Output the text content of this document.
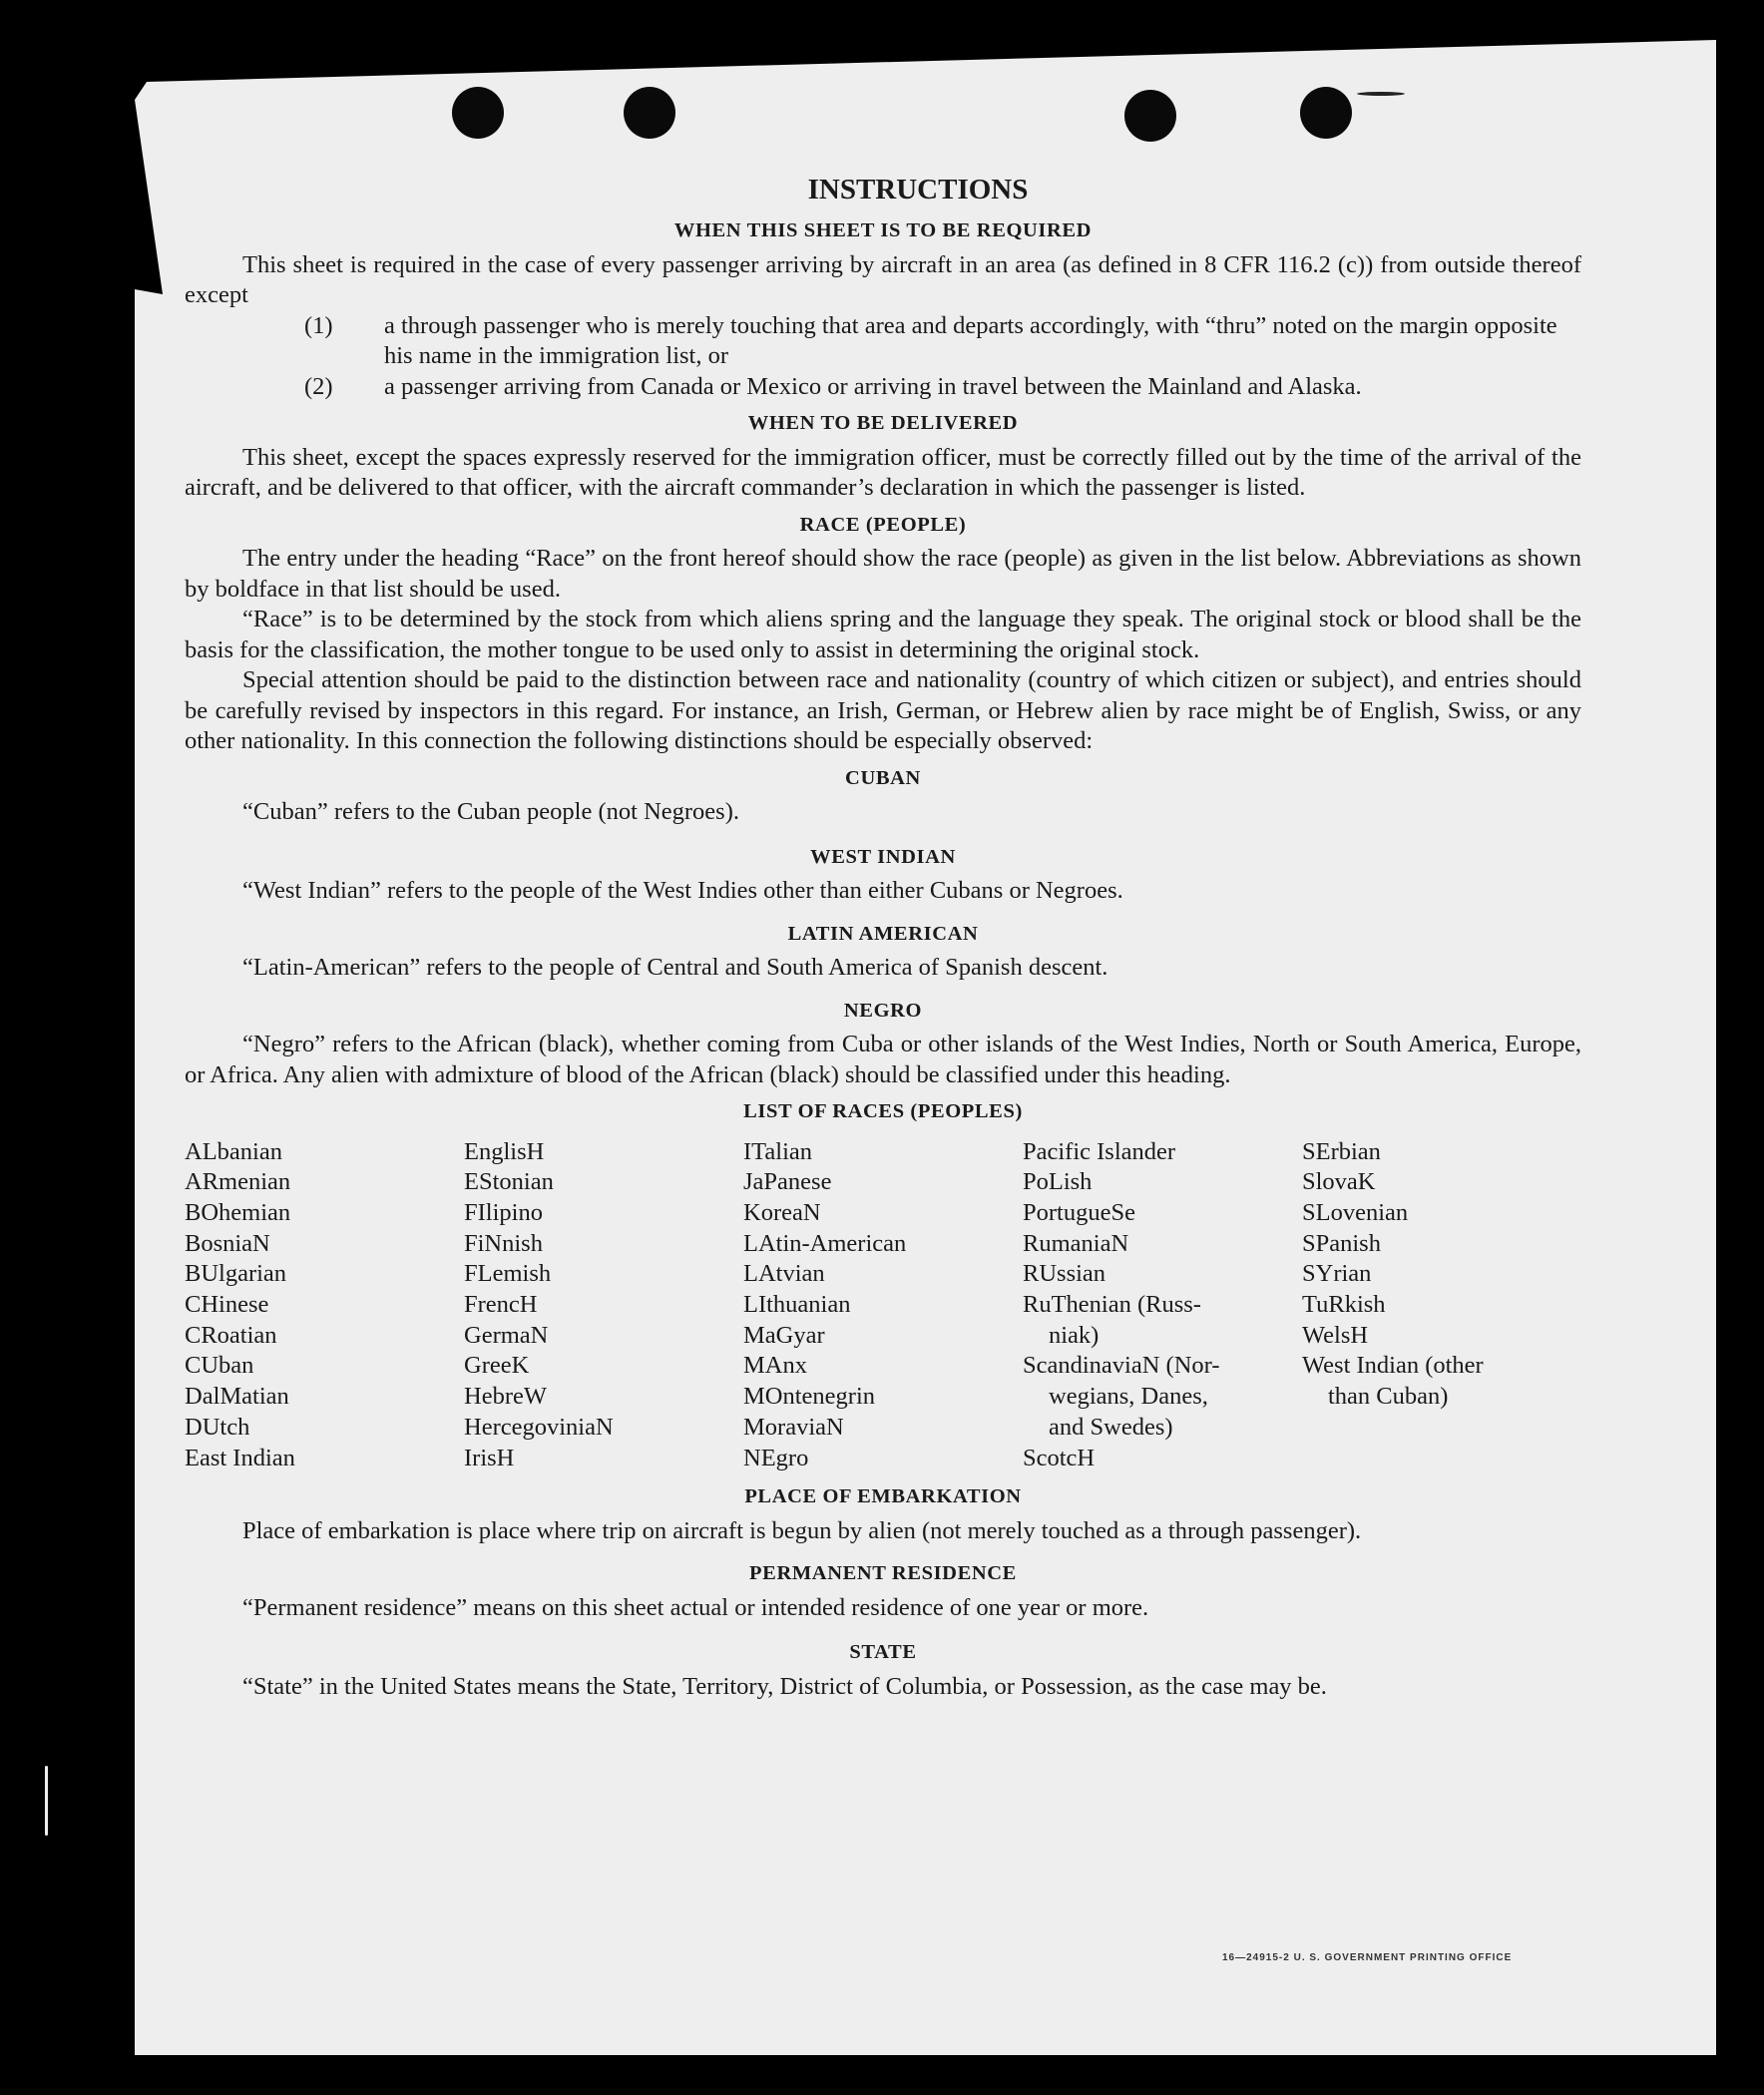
INSTRUCTIONS
WHEN THIS SHEET IS TO BE REQUIRED

This sheet is required in the case of every passenger arriving by aircraft in an area (as defined in 8 CFR 116.2 (c)) from outside thereof except

(1) a through passenger who is merely touching that area and departs accordingly, with “thru” noted on the margin opposite his name in the immigration list, or
(2) a passenger arriving from Canada or Mexico or arriving in travel between the Mainland and Alaska.
WHEN TO BE DELIVERED

This sheet, except the spaces expressly reserved for the immigration officer, must be correctly filled out by the time of the arrival of the aircraft, and be delivered to that officer, with the aircraft commander’s declaration in which the passenger is listed.

RACE (PEOPLE)

The entry under the heading “Race” on the front hereof should show the race (people) as given in the list below. Abbreviations as shown by boldface in that list should be used.

“Race” is to be determined by the stock from which aliens spring and the language they speak. The original stock or blood shall be the basis for the classification, the mother tongue to be used only to assist in determining the original stock.

Special attention should be paid to the distinction between race and nationality (country of which citizen or subject), and entries should be carefully revised by inspectors in this regard. For instance, an Irish, German, or Hebrew alien by race might be of English, Swiss, or any other nationality. In this connection the following distinctions should be especially observed:

CUBAN

“Cuban” refers to the Cuban people (not Negroes).

WEST INDIAN

“West Indian” refers to the people of the West Indies other than either Cubans or Negroes.

LATIN AMERICAN

“Latin-American” refers to the people of Central and South America of Spanish descent.

NEGRO

“Negro” refers to the African (black), whether coming from Cuba or other islands of the West Indies, North or South America, Europe, or Africa. Any alien with admixture of blood of the African (black) should be classified under this heading.

LIST OF RACES (PEOPLES)
ALbanian
ARmenian
BOhemian
BosniaN
BUlgarian
CHinese
CRoatian
CUban
DalMatian
DUtch
East Indian
EnglisH
EStonian
FIlipino
FiNnish
FLemish
FrencH
GermaN
GreeK
HebreW
HercegoviniaN
IrisH
ITalian
JaPanese
KoreaN
LAtin-American
LAtvian
LIthuanian
MaGyar
MAnx
MOntenegrin
MoraviaN
NEgro
Pacific Islander
PoLish
PortugueSe
RumaniaN
RUssian
RuThenian (Russ-
niak)
ScandinaviaN (Nor-
wegians, Danes,
and Swedes)
ScotcH
SErbian
SlovaK
SLovenian
SPanish
SYrian
TuRkish
WelsH
West Indian (other
than Cuban)
PLACE OF EMBARKATION

Place of embarkation is place where trip on aircraft is begun by alien (not merely touched as a through passenger).

PERMANENT RESIDENCE

“Permanent residence” means on this sheet actual or intended residence of one year or more.

STATE

“State” in the United States means the State, Territory, District of Columbia, or Possession, as the case may be.

16—24915-2 U. S. GOVERNMENT PRINTING OFFICE
